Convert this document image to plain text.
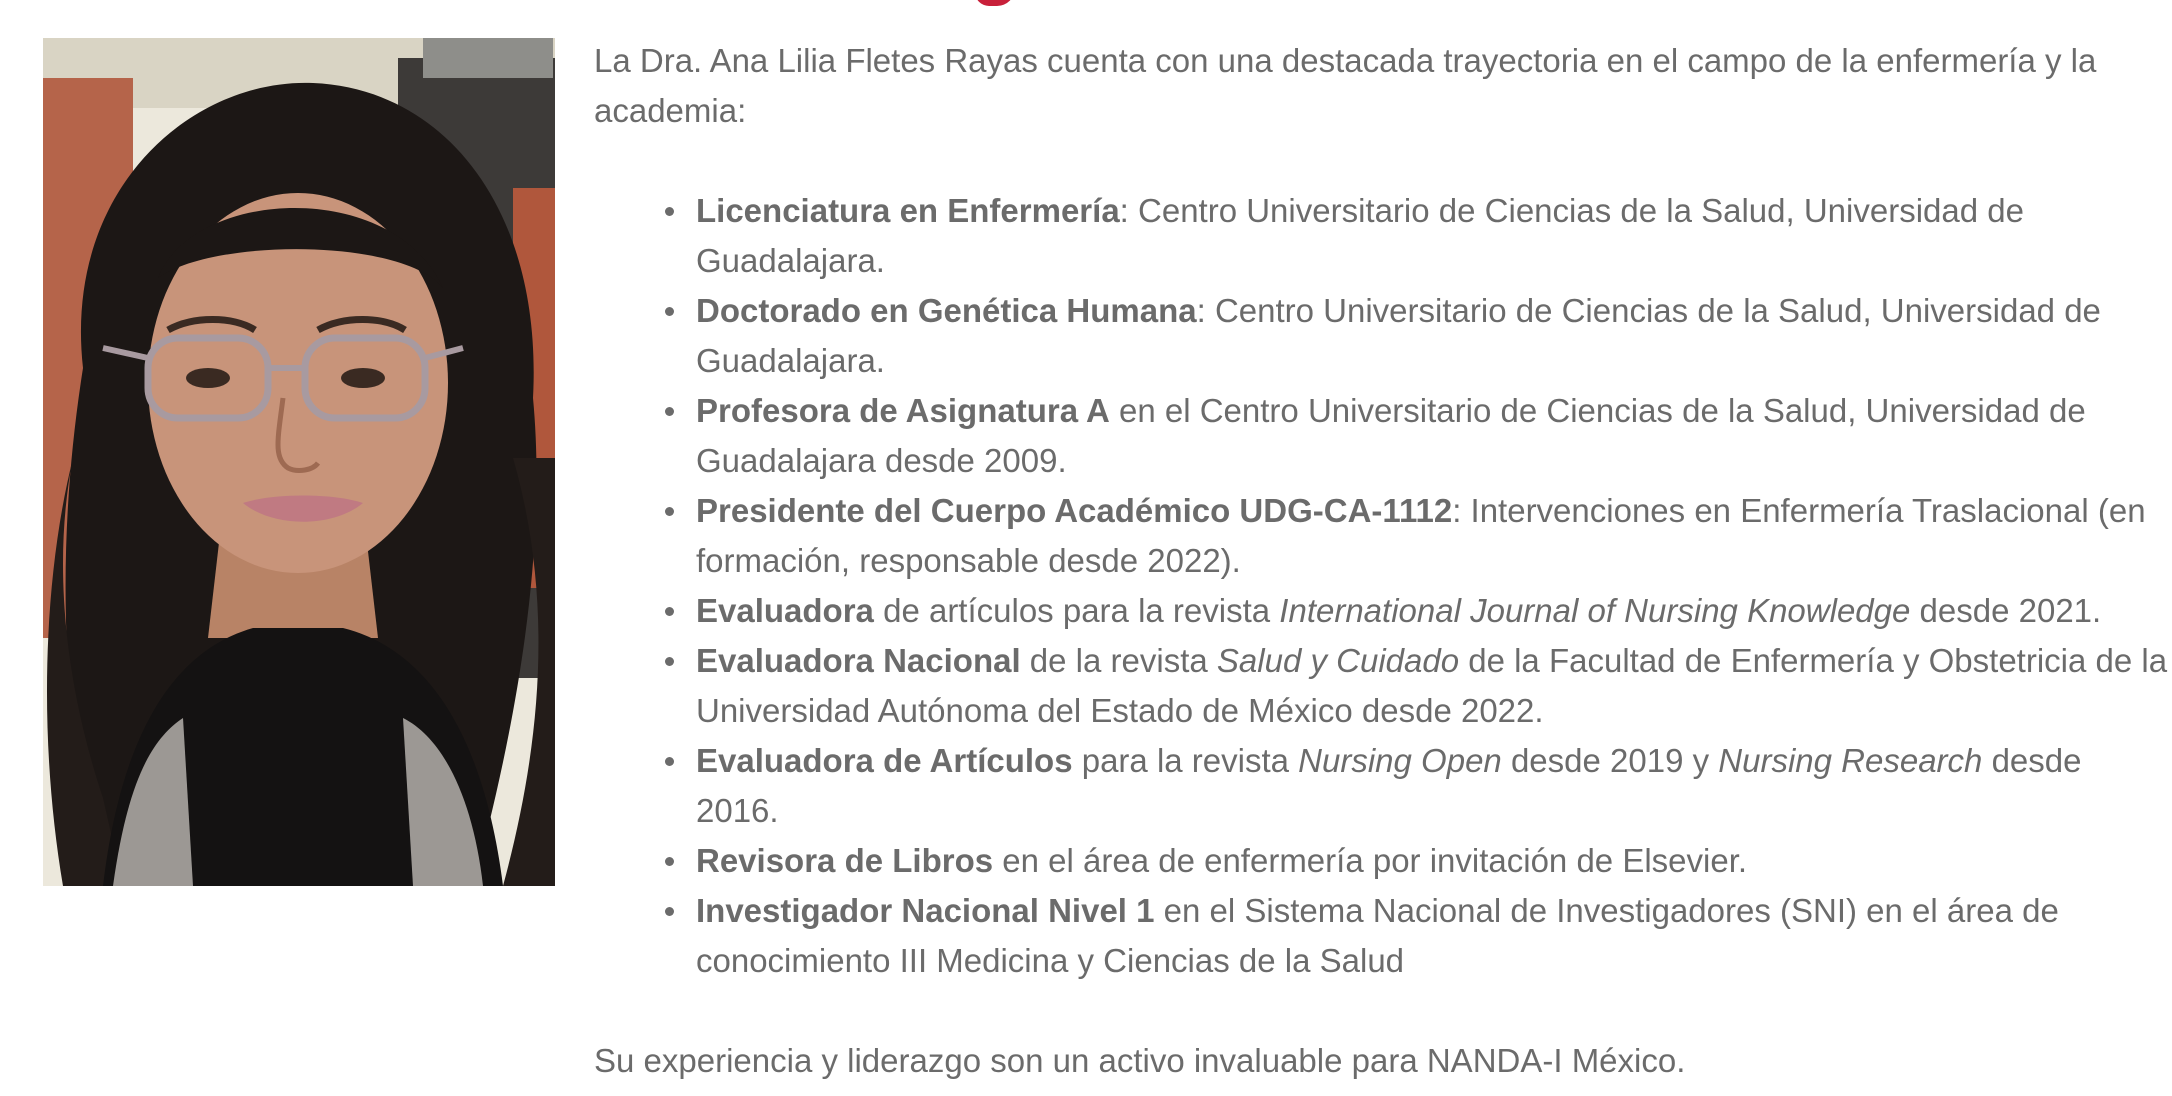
La Dra. Ana Lilia Fletes Rayas cuenta con una destacada trayectoria en el campo de la enfermería y la academia:

Licenciatura en Enfermería: Centro Universitario de Ciencias de la Salud, Universidad de Guadalajara.
Doctorado en Genética Humana: Centro Universitario de Ciencias de la Salud, Universidad de Guadalajara.
Profesora de Asignatura A en el Centro Universitario de Ciencias de la Salud, Universidad de Guadalajara desde 2009.
Presidente del Cuerpo Académico UDG-CA-1112: Intervenciones en Enfermería Traslacional (en formación, responsable desde 2022).
Evaluadora de artículos para la revista International Journal of Nursing Knowledge desde 2021.
Evaluadora Nacional de la revista Salud y Cuidado de la Facultad de Enfermería y Obstetricia de la Universidad Autónoma del Estado de México desde 2022.
Evaluadora de Artículos para la revista Nursing Open desde 2019 y Nursing Research desde 2016.
Revisora de Libros en el área de enfermería por invitación de Elsevier.
Investigador Nacional Nivel 1 en el Sistema Nacional de Investigadores (SNI) en el área de conocimiento III Medicina y Ciencias de la Salud

Su experiencia y liderazgo son un activo invaluable para NANDA-I México.
